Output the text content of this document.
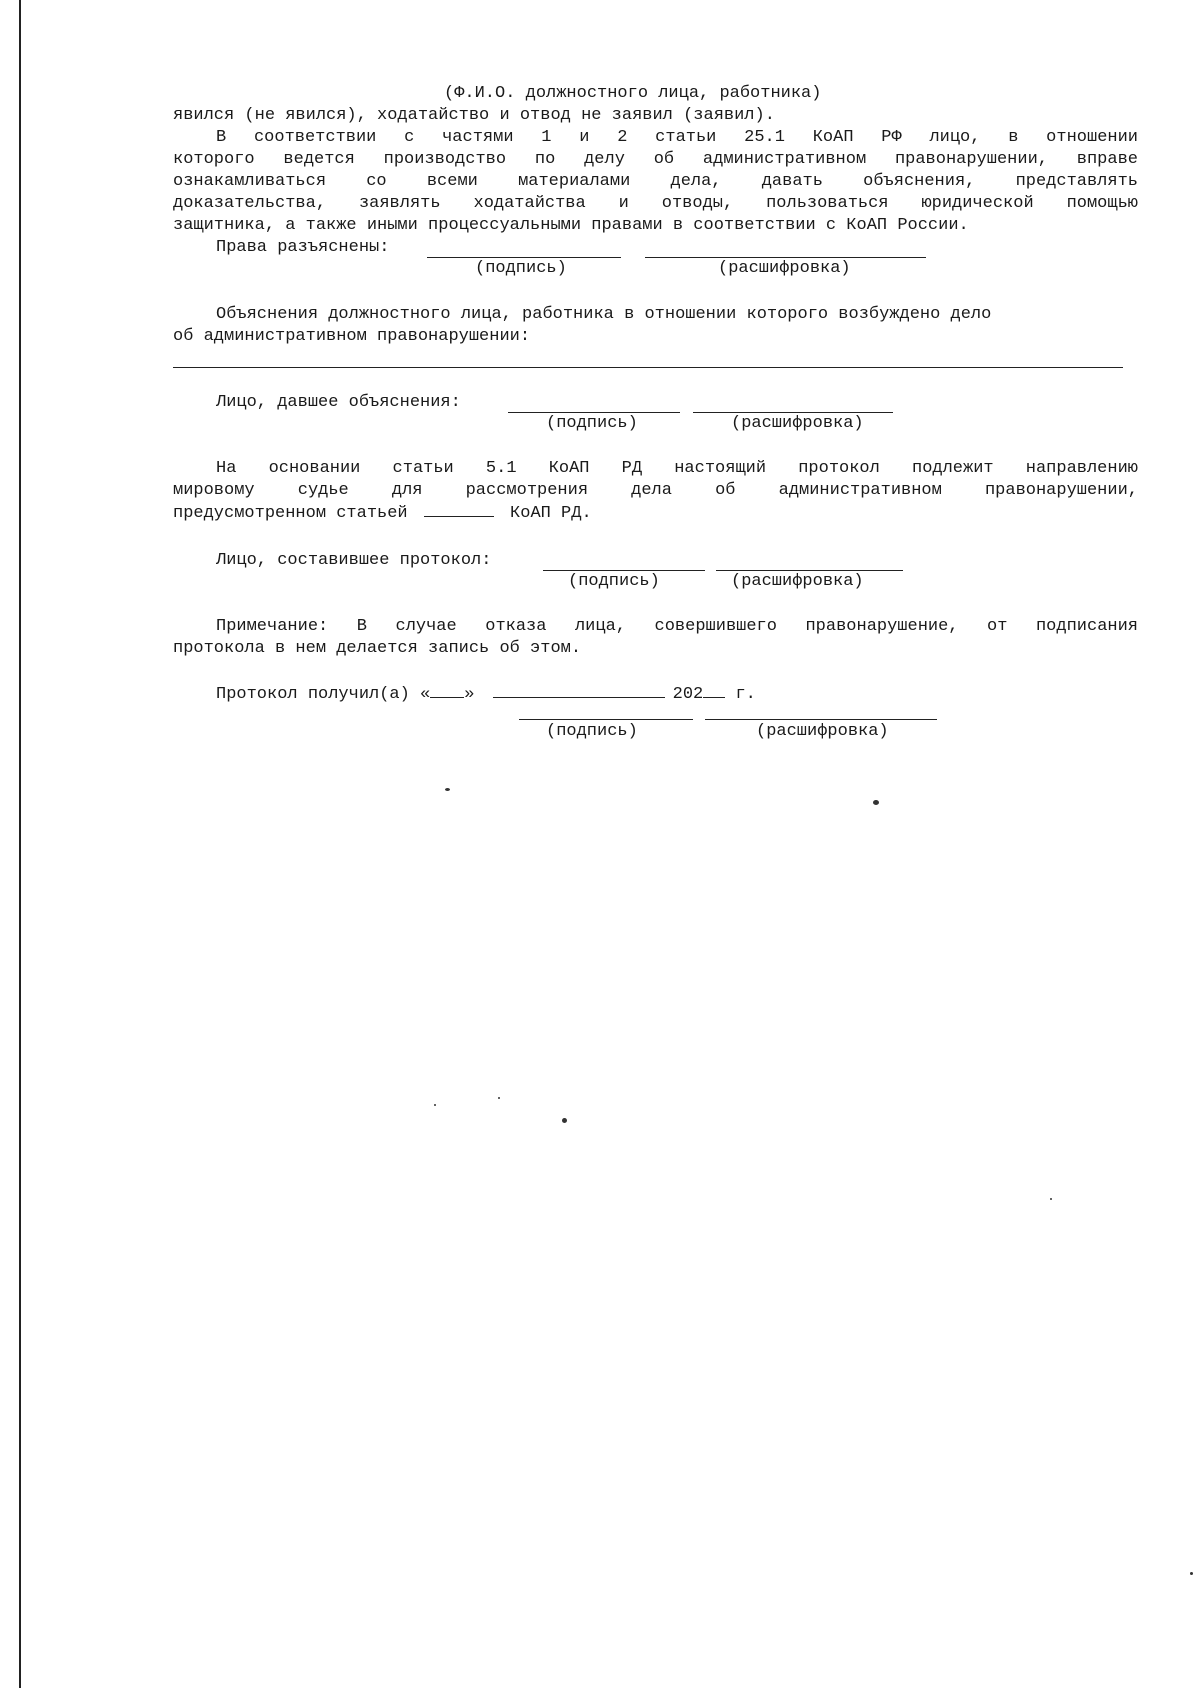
(Ф.И.О. должностного лица, работника)
явился (не явился), ходатайство и отвод не заявил (заявил).
В соответствии с частями 1 и 2 статьи 25.1 КоАП РФ лицо, в отношении
которого ведется производство по делу об административном правонарушении, вправе
ознакамливаться со всеми материалами дела, давать объяснения, представлять
доказательства, заявлять ходатайства и отводы, пользоваться юридической помощью
защитника, а также иными процессуальными правами в соответствии с КоАП России.
Права разъяснены:
(подпись)	(расшифровка)
Объяснения должностного лица, работника в отношении которого возбуждено дело
об административном правонарушении:
Лицо, давшее объяснения:
(подпись)	(расшифровка)
На основании статьи 5.1 КоАП РД настоящий протокол подлежит направлению
мировому судье для рассмотрения дела об административном правонарушении,
предусмотренном статьей	КоАП РД.
Лицо, составившее протокол:
(подпись)	(расшифровка)
Примечание: В случае отказа лица, совершившего правонарушение, от подписания
протокола в нем делается запись об этом.
Протокол получил(а) « »	202 г.
(подпись)	(расшифровка)
